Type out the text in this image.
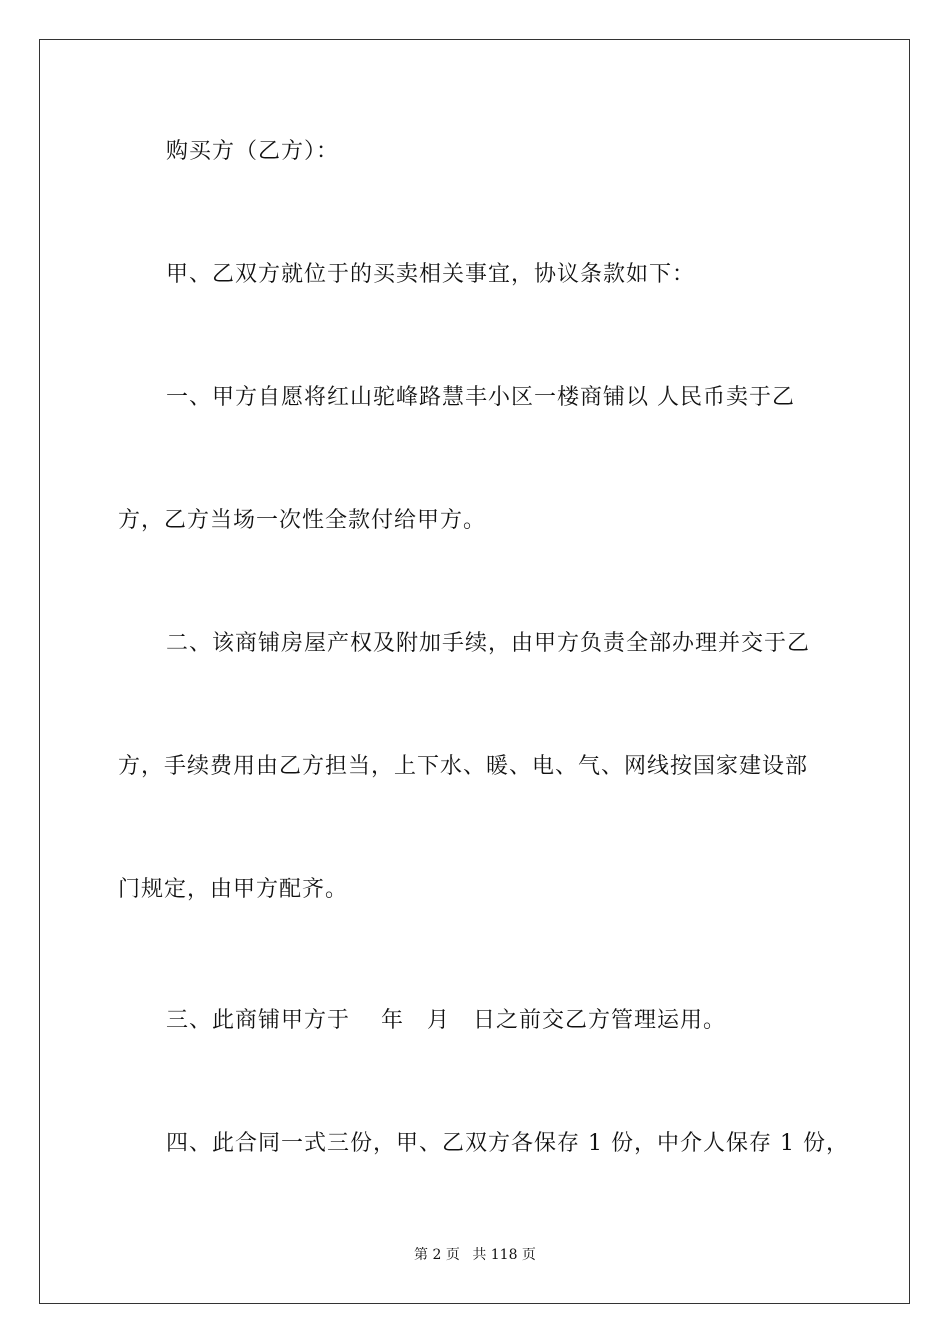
购买方（乙方）：
甲、乙双方就位于的买卖相关事宜，协议条款如下：
一、甲方自愿将红山驼峰路慧丰小区一楼商铺以 人民币卖于乙
方，乙方当场一次性全款付给甲方。
二、该商铺房屋产权及附加手续，由甲方负责全部办理并交于乙
方，手续费用由乙方担当，上下水、暖、电、气、网线按国家建设部
门规定，由甲方配齐。
三、此商铺甲方于　 年　月　日之前交乙方管理运用。
四、此合同一式三份，甲、乙双方各保存 1 份，中介人保存 1 份，
第 2 页 共 118 页
